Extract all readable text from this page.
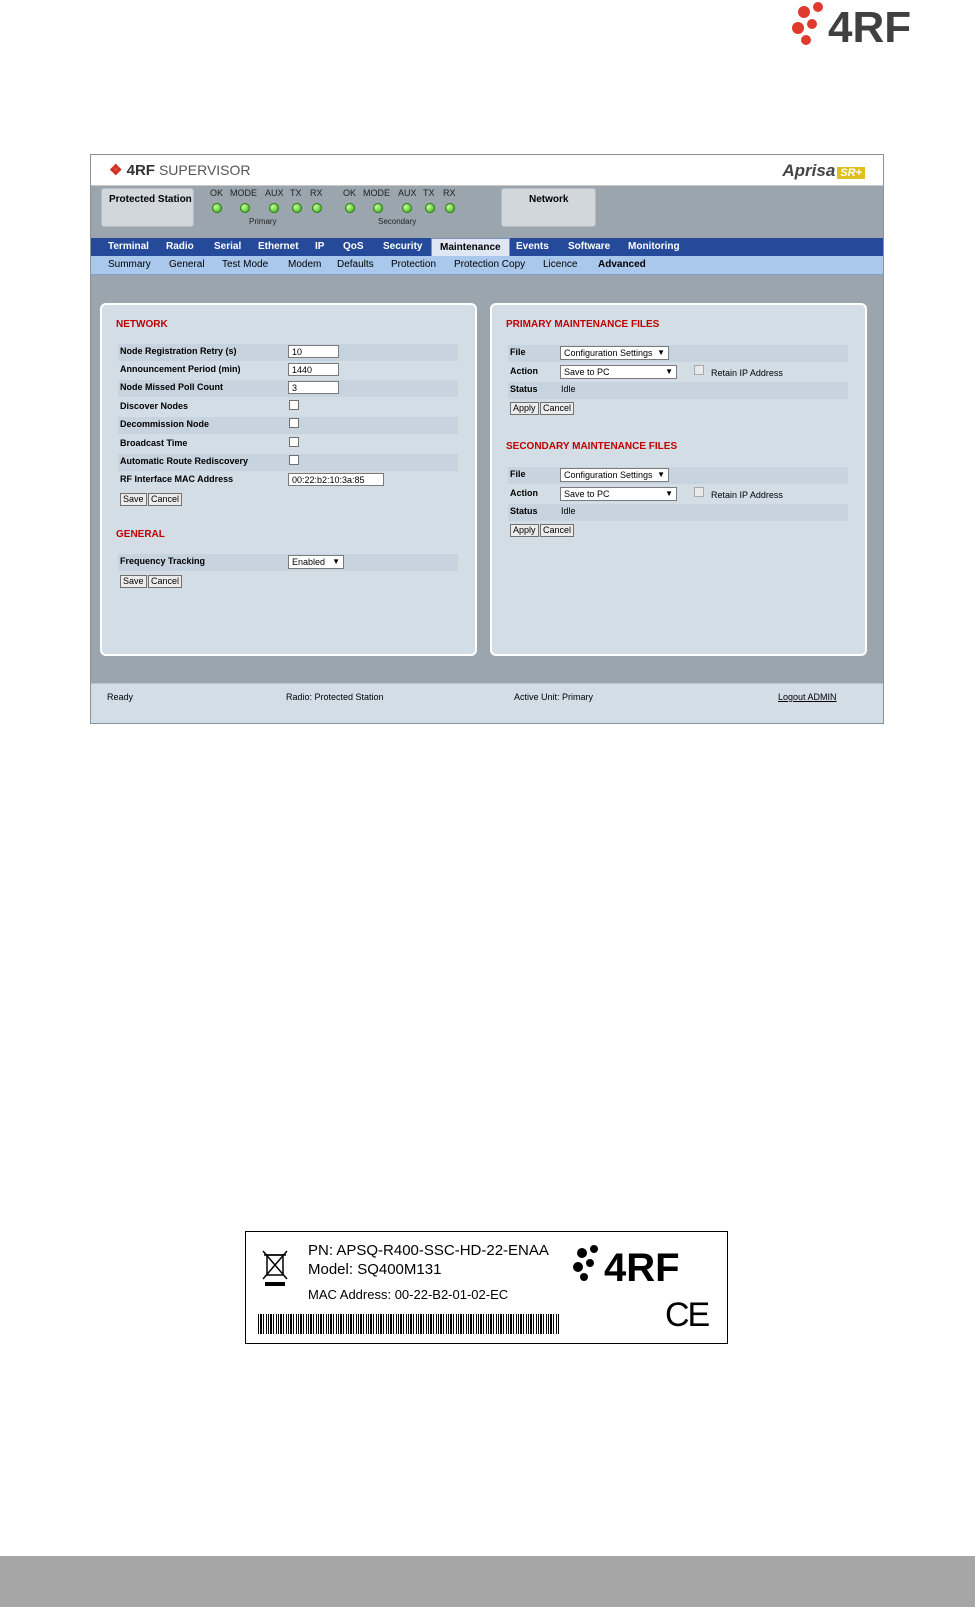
4RF
❖ 4RF SUPERVISOR	Aprisa SR+
Protected Station
OK MODE AUX TX RX
Primary
OK MODE AUX TX RX
Secondary
Network
Terminal Radio Serial Ethernet IP QoS Security	Maintenance	Events Software Monitoring
Summary General Test Mode Modem Defaults Protection Protection Copy Licence Advanced
NETWORK
Node Registration Retry (s)	10
Announcement Period (min)	1440
Node Missed Poll Count	3
Discover Nodes
Decommission Node
Broadcast Time
Automatic Route Rediscovery
RF Interface MAC Address	00:22:b2:10:3a:85
Save Cancel
GENERAL
Frequency Tracking	Enabled ▼
Save Cancel
PRIMARY MAINTENANCE FILES
File	Configuration Settings ▼
Action	Save to PC	▼	Retain IP Address
Status	Idle
Apply Cancel
SECONDARY MAINTENANCE FILES
File	Configuration Settings ▼
Action	Save to PC	▼	Retain IP Address
Status	Idle
Apply Cancel
Ready	Radio: Protected Station	Active Unit: Primary	Logout ADMIN
PN: APSQ-R400-SSC-HD-22-ENAA
Model: SQ400M131
MAC Address: 00-22-B2-01-02-EC
4RF
CE
